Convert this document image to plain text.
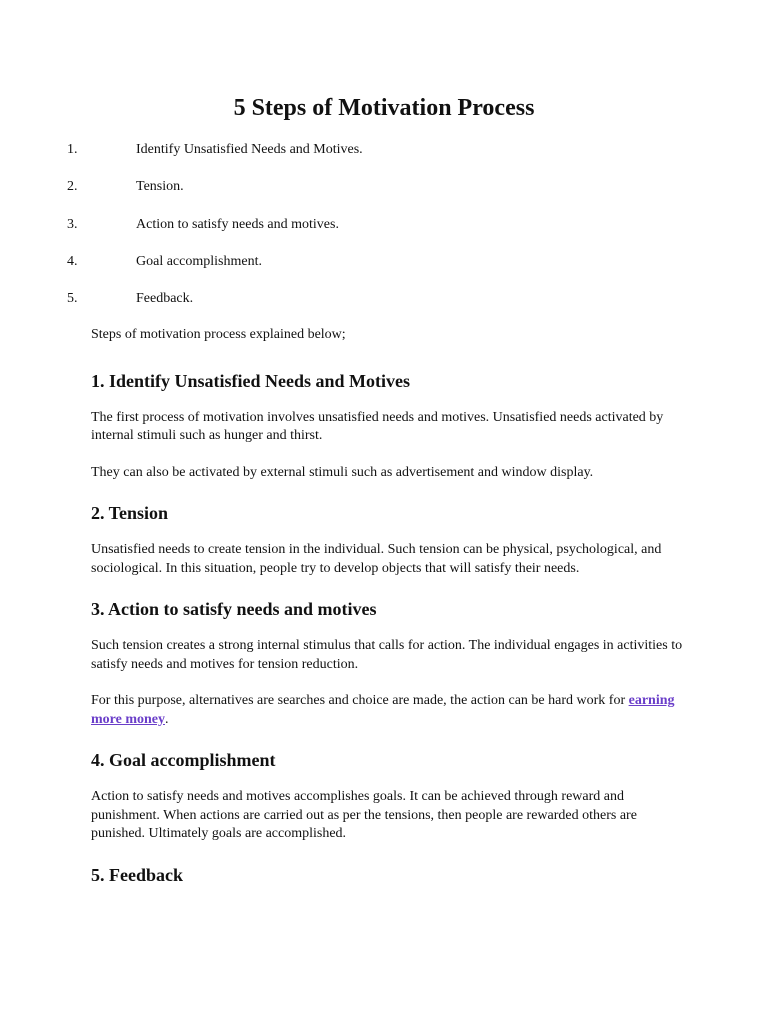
5 Steps of Motivation Process
1.	Identify Unsatisfied Needs and Motives.
2.	Tension.
3.	Action to satisfy needs and motives.
4.	Goal accomplishment.
5.	Feedback.

Steps of motivation process explained below;

1. Identify Unsatisfied Needs and Motives

The first process of motivation involves unsatisfied needs and motives. Unsatisfied needs activated by internal stimuli such as hunger and thirst.

They can also be activated by external stimuli such as advertisement and window display.

2. Tension

Unsatisfied needs to create tension in the individual. Such tension can be physical, psychological, and sociological. In this situation, people try to develop objects that will satisfy their needs.

3. Action to satisfy needs and motives

Such tension creates a strong internal stimulus that calls for action. The individual engages in activities to satisfy needs and motives for tension reduction.

For this purpose, alternatives are searches and choice are made, the action can be hard work for earning more money.

4. Goal accomplishment

Action to satisfy needs and motives accomplishes goals. It can be achieved through reward and punishment. When actions are carried out as per the tensions, then people are rewarded others are punished. Ultimately goals are accomplished.

5. Feedback
